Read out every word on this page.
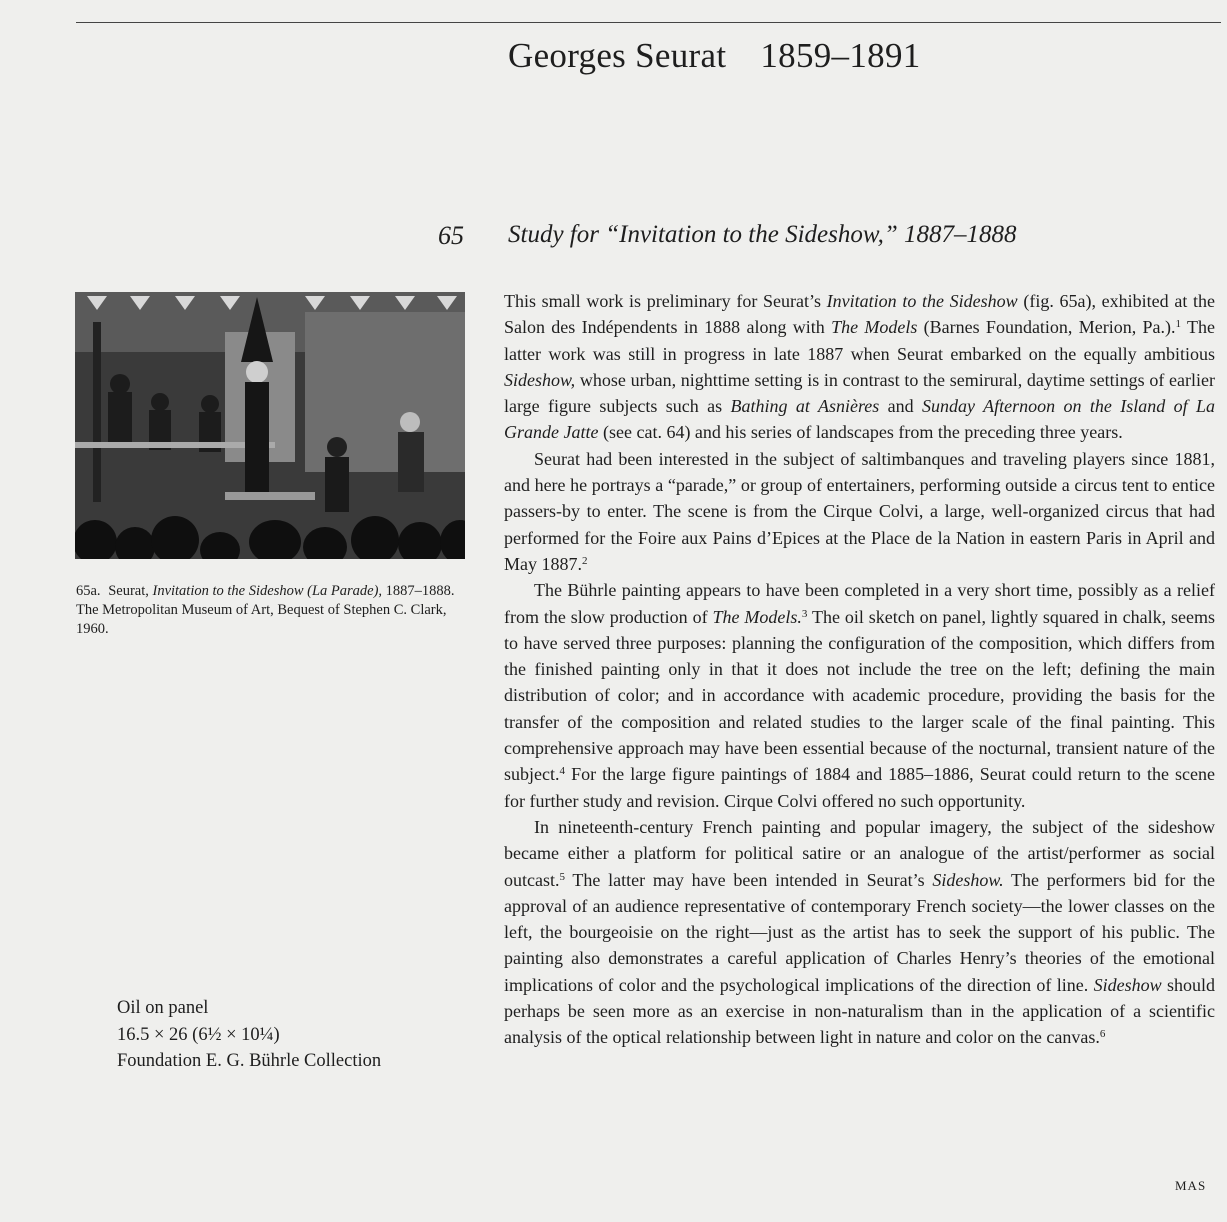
Georges Seurat 1859–1891
65 Study for “Invitation to the Sideshow,” 1887–1888
65a. Seurat, Invitation to the Sideshow (La Parade), 1887–1888. The Metropolitan Museum of Art, Bequest of Stephen C. Clark, 1960.
Oil on panel
16.5 × 26 (6½ × 10¼)
Foundation E. G. Bührle Collection

This small work is preliminary for Seurat’s Invitation to the Sideshow (fig. 65a), exhibited at the Salon des Indépendents in 1888 along with The Models (Barnes Foundation, Merion, Pa.).$^1$ The latter work was still in progress in late 1887 when Seurat embarked on the equally ambitious Sideshow, whose urban, nighttime setting is in contrast to the semirural, daytime settings of earlier large figure subjects such as Bathing at Asnières and Sunday Afternoon on the Island of La Grande Jatte (see cat. 64) and his series of landscapes from the preceding three years.

Seurat had been interested in the subject of saltimbanques and traveling players since 1881, and here he portrays a “parade,” or group of entertainers, performing outside a circus tent to entice passers-by to enter. The scene is from the Cirque Colvi, a large, well-organized circus that had performed for the Foire aux Pains d’Epices at the Place de la Nation in eastern Paris in April and May 1887.$^2$

The Bührle painting appears to have been completed in a very short time, possibly as a relief from the slow production of The Models.$^3$ The oil sketch on panel, lightly squared in chalk, seems to have served three purposes: planning the configuration of the composition, which differs from the finished painting only in that it does not include the tree on the left; defining the main distribution of color; and in accordance with academic procedure, providing the basis for the transfer of the composition and related studies to the larger scale of the final painting. This comprehensive approach may have been essential because of the nocturnal, transient nature of the subject.$^4$ For the large figure paintings of 1884 and 1885–1886, Seurat could return to the scene for further study and revision. Cirque Colvi offered no such opportunity.

In nineteenth-century French painting and popular imagery, the subject of the sideshow became either a platform for political satire or an analogue of the artist/performer as social outcast.$^5$ The latter may have been intended in Seurat’s Sideshow. The performers bid for the approval of an audience representative of contemporary French society—the lower classes on the left, the bourgeoisie on the right—just as the artist has to seek the support of his public. The painting also demonstrates a careful application of Charles Henry’s theories of the emotional implications of color and the psychological implications of the direction of line. Sideshow should perhaps be seen more as an exercise in non-naturalism than in the application of a scientific analysis of the optical relationship between light in nature and color on the canvas.$^6$

MAS
